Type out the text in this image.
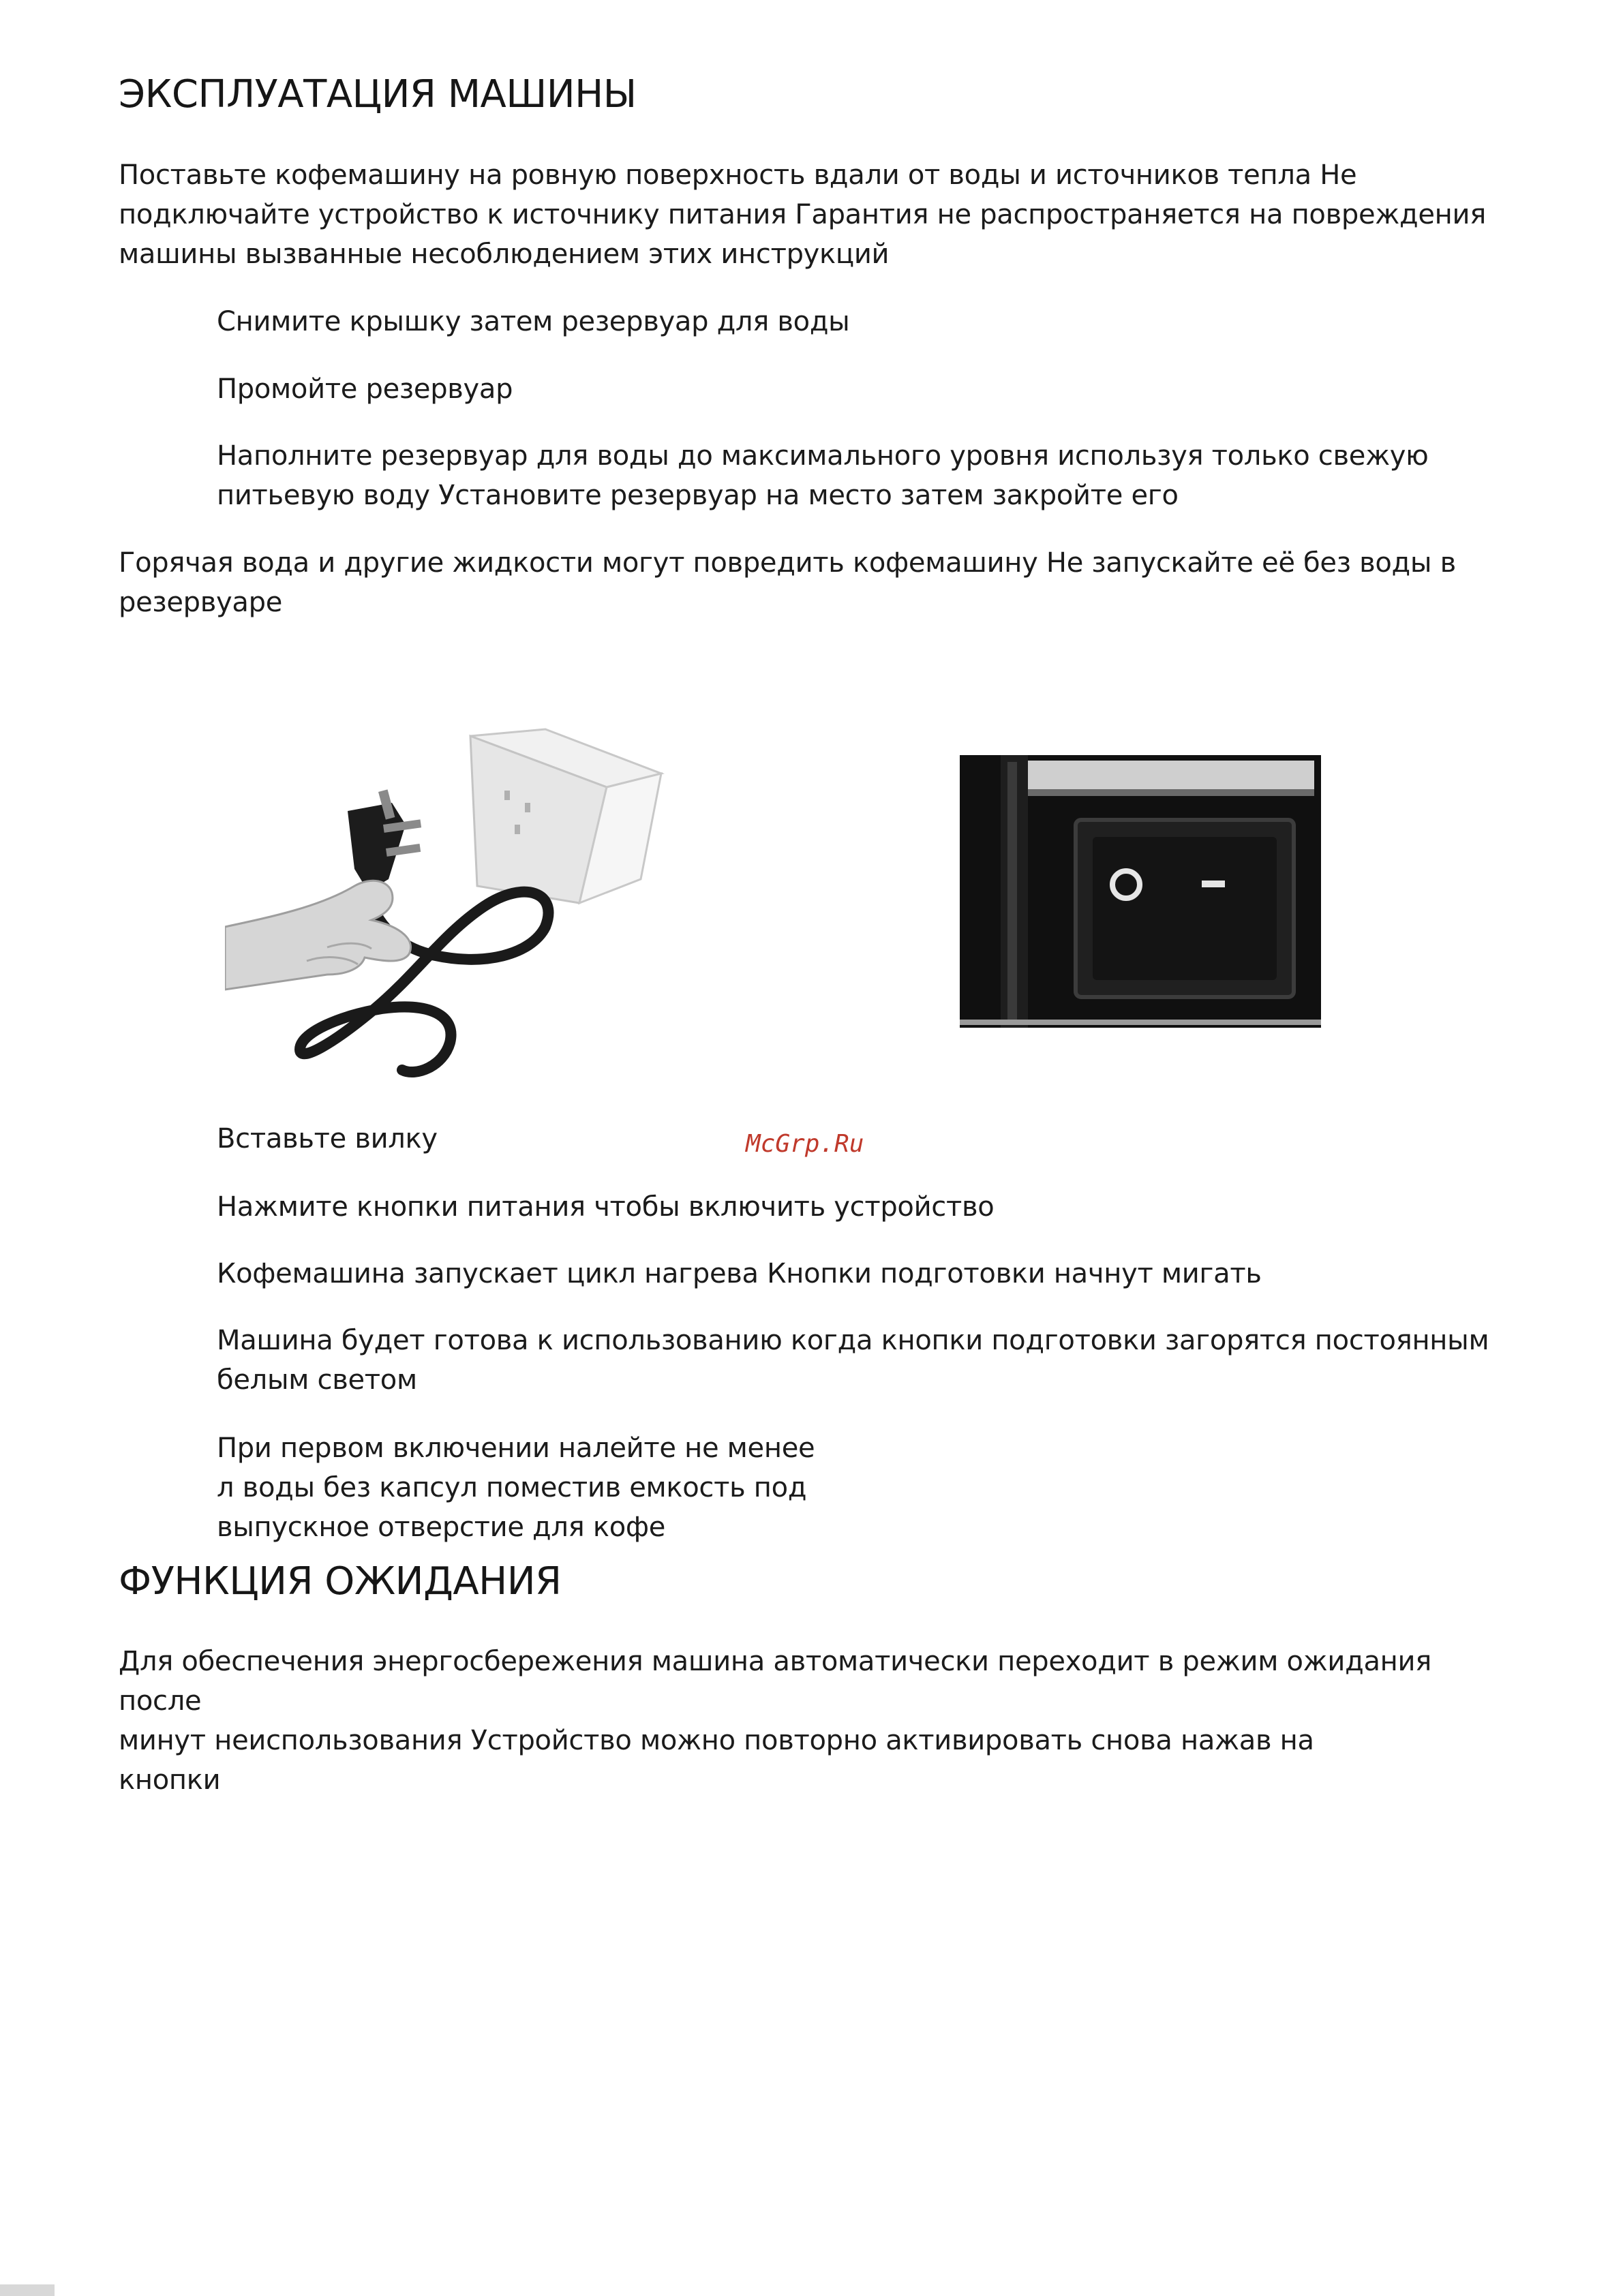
ЭКСПЛУАТАЦИЯ МАШИНЫ

Поставьте кофемашину на ровную поверхность вдали от воды и источников тепла Не
подключайте устройство к источнику питания Гарантия не распространяется на повреждения
машины вызванные несоблюдением этих инструкций

Снимите крышку затем резервуар для воды

Промойте резервуар

Наполните резервуар для воды до максимального уровня используя только свежую
питьевую воду Установите резервуар на место затем закройте его

Горячая вода и другие жидкости могут повредить кофемашину Не запускайте её без воды в
резервуаре

McGrp.Ru

Вставьте вилку

Нажмите кнопки питания чтобы включить устройство

Кофемашина запускает цикл нагрева Кнопки подготовки начнут мигать

Машина будет готова к использованию когда кнопки подготовки загорятся постоянным
белым светом

При первом включении налейте не менее
л воды без капсул поместив емкость под
выпускное отверстие для кофе

ФУНКЦИЯ ОЖИДАНИЯ

Для обеспечения энергосбережения машина автоматически переходит в режим ожидания
после
минут неиспользования Устройство можно повторно активировать снова нажав на
кнопки
